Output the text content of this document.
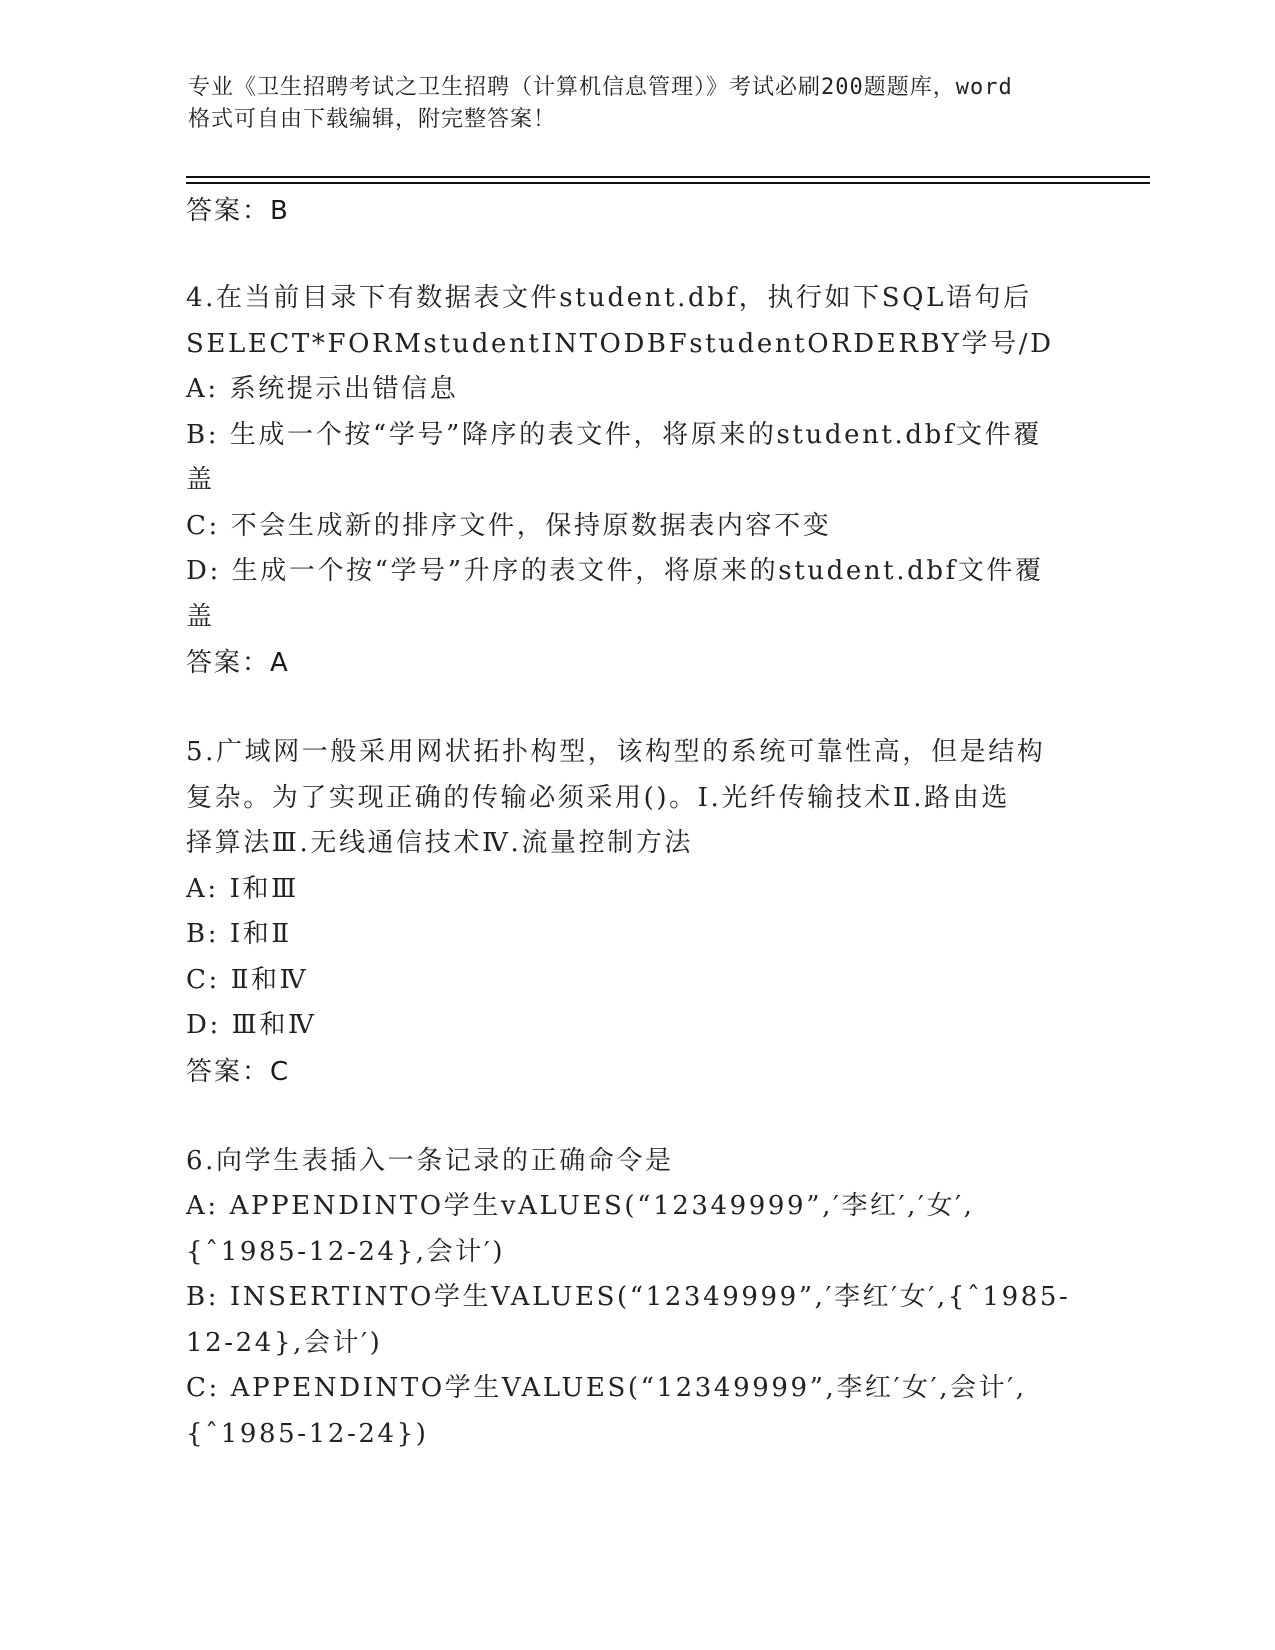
专业《卫生招聘考试之卫生招聘（计算机信息管理）》考试必刷200题题库，word
格式可自由下载编辑，附完整答案！

答案：B

4.在当前目录下有数据表文件student.dbf，执行如下SQL语句后

SELECT*FORMstudentINTODBFstudentORDERBY学号/D

A: 系统提示出错信息

B: 生成一个按“学号”降序的表文件，将原来的student.dbf文件覆

盖

C: 不会生成新的排序文件，保持原数据表内容不变

D: 生成一个按“学号”升序的表文件，将原来的student.dbf文件覆

盖

答案：A

5.广域网一般采用网状拓扑构型，该构型的系统可靠性高，但是结构

复杂。为了实现正确的传输必须采用()。Ⅰ.光纤传输技术Ⅱ.路由选

择算法Ⅲ.无线通信技术Ⅳ.流量控制方法

A: Ⅰ和Ⅲ

B: Ⅰ和Ⅱ

C: Ⅱ和Ⅳ

D: Ⅲ和Ⅳ

答案：C

6.向学生表插入一条记录的正确命令是

A: APPENDINTO学生vALUES(“12349999”,′李红′,′女′,

{ˆ1985-12-24},会计′)

B: INSERTINTO学生VALUES(“12349999”,′李红′女′,{ˆ1985-

12-24},会计′)

C: APPENDINTO学生VALUES(“12349999”,李红′女′,会计′,

{ˆ1985-12-24})
